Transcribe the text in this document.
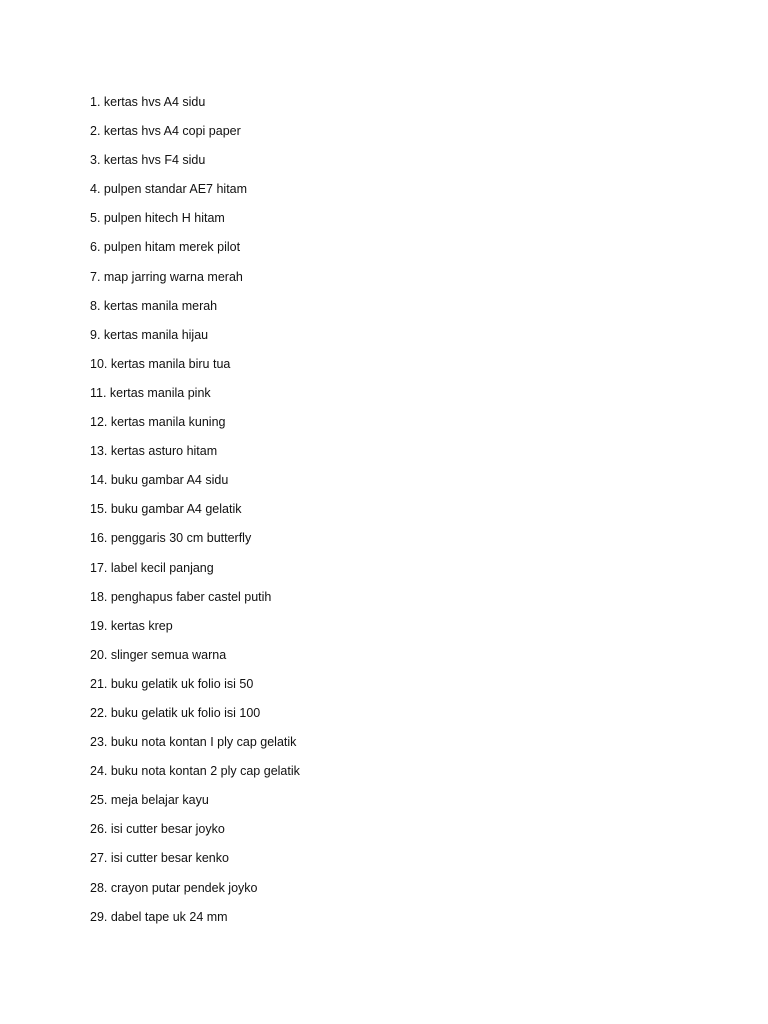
1. kertas hvs A4 sidu
2. kertas hvs A4 copi paper
3. kertas hvs F4 sidu
4. pulpen standar AE7 hitam
5. pulpen hitech H hitam
6. pulpen hitam merek pilot
7. map jarring warna merah
8. kertas manila merah
9. kertas manila hijau
10. kertas manila biru tua
11. kertas manila pink
12. kertas manila kuning
13. kertas asturo hitam
14. buku gambar A4 sidu
15. buku gambar A4 gelatik
16. penggaris 30 cm butterfly
17. label kecil panjang
18. penghapus faber castel putih
19. kertas krep
20. slinger semua warna
21. buku gelatik uk folio isi 50
22. buku gelatik uk folio isi 100
23. buku nota kontan I ply cap gelatik
24. buku nota kontan 2 ply cap gelatik
25. meja belajar kayu
26. isi cutter besar joyko
27. isi cutter besar kenko
28. crayon putar pendek joyko
29. dabel tape uk 24 mm
